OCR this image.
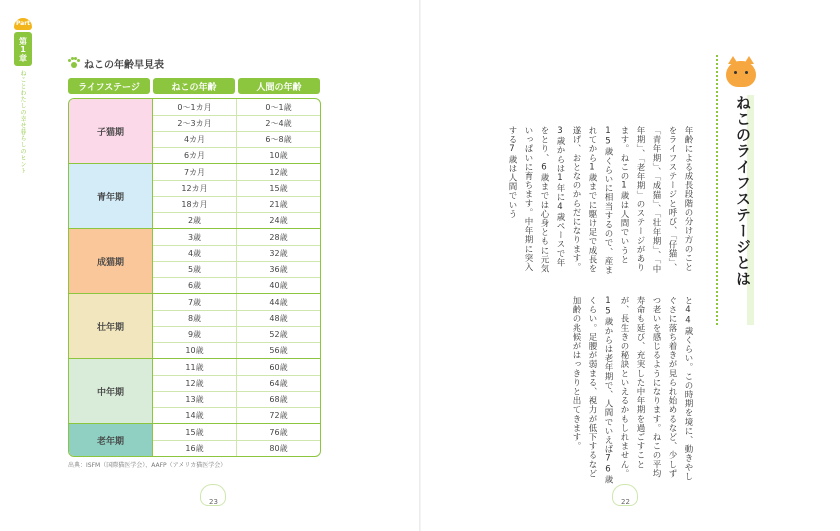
Part
第1章
ねことわたしの幸せ暮らしのヒント
ねこの年齢早見表
ライフステージ	ねこの年齢	人間の年齢
子猫期
0～1カ月	0～1歳
2～3カ月	2～4歳
4カ月	6～8歳
6カ月	10歳
青年期
7カ月	12歳
12カ月	15歳
18カ月	21歳
2歳	24歳
成猫期
3歳	28歳
4歳	32歳
5歳	36歳
6歳	40歳
壮年期
7歳	44歳
8歳	48歳
9歳	52歳
10歳	56歳
中年期
11歳	60歳
12歳	64歳
13歳	68歳
14歳	72歳
老年期
15歳	76歳
16歳	80歳
出典：ISFM（国際猫医学会）、AAFP（アメリカ猫医学会）
23
ねこのライフステージとは
年齢による成長段階の分け方のことをライフステージと呼び、「仔猫」、「青年期」、「成猫」、「壮年期」、「中年期」、「老年期」のステージがあります。ねこの1歳は人間でいうと15歳くらいに相当するので、産まれてから1歳までに駆け足で成長を遂げ、おとなのからだになります。3歳からは1年に4歳ペースで年をとり、6歳までは心身ともに元気いっぱいに育ちます。中年期に突入する7歳は人間でいう
と44歳くらい。この時期を境に、動きやしぐさに落ち着きが見られ始めるなど、少しずつ老いを感じるようになります。ねこの平均寿命も延び、充実した中年期を過ごすことが、長生きの秘訣といえるかもしれません。15歳からは老年期で、人間でいえば76歳くらい。足腰が弱まる、視力が低下するなど加齢の兆候がはっきりと出てきます。
22
